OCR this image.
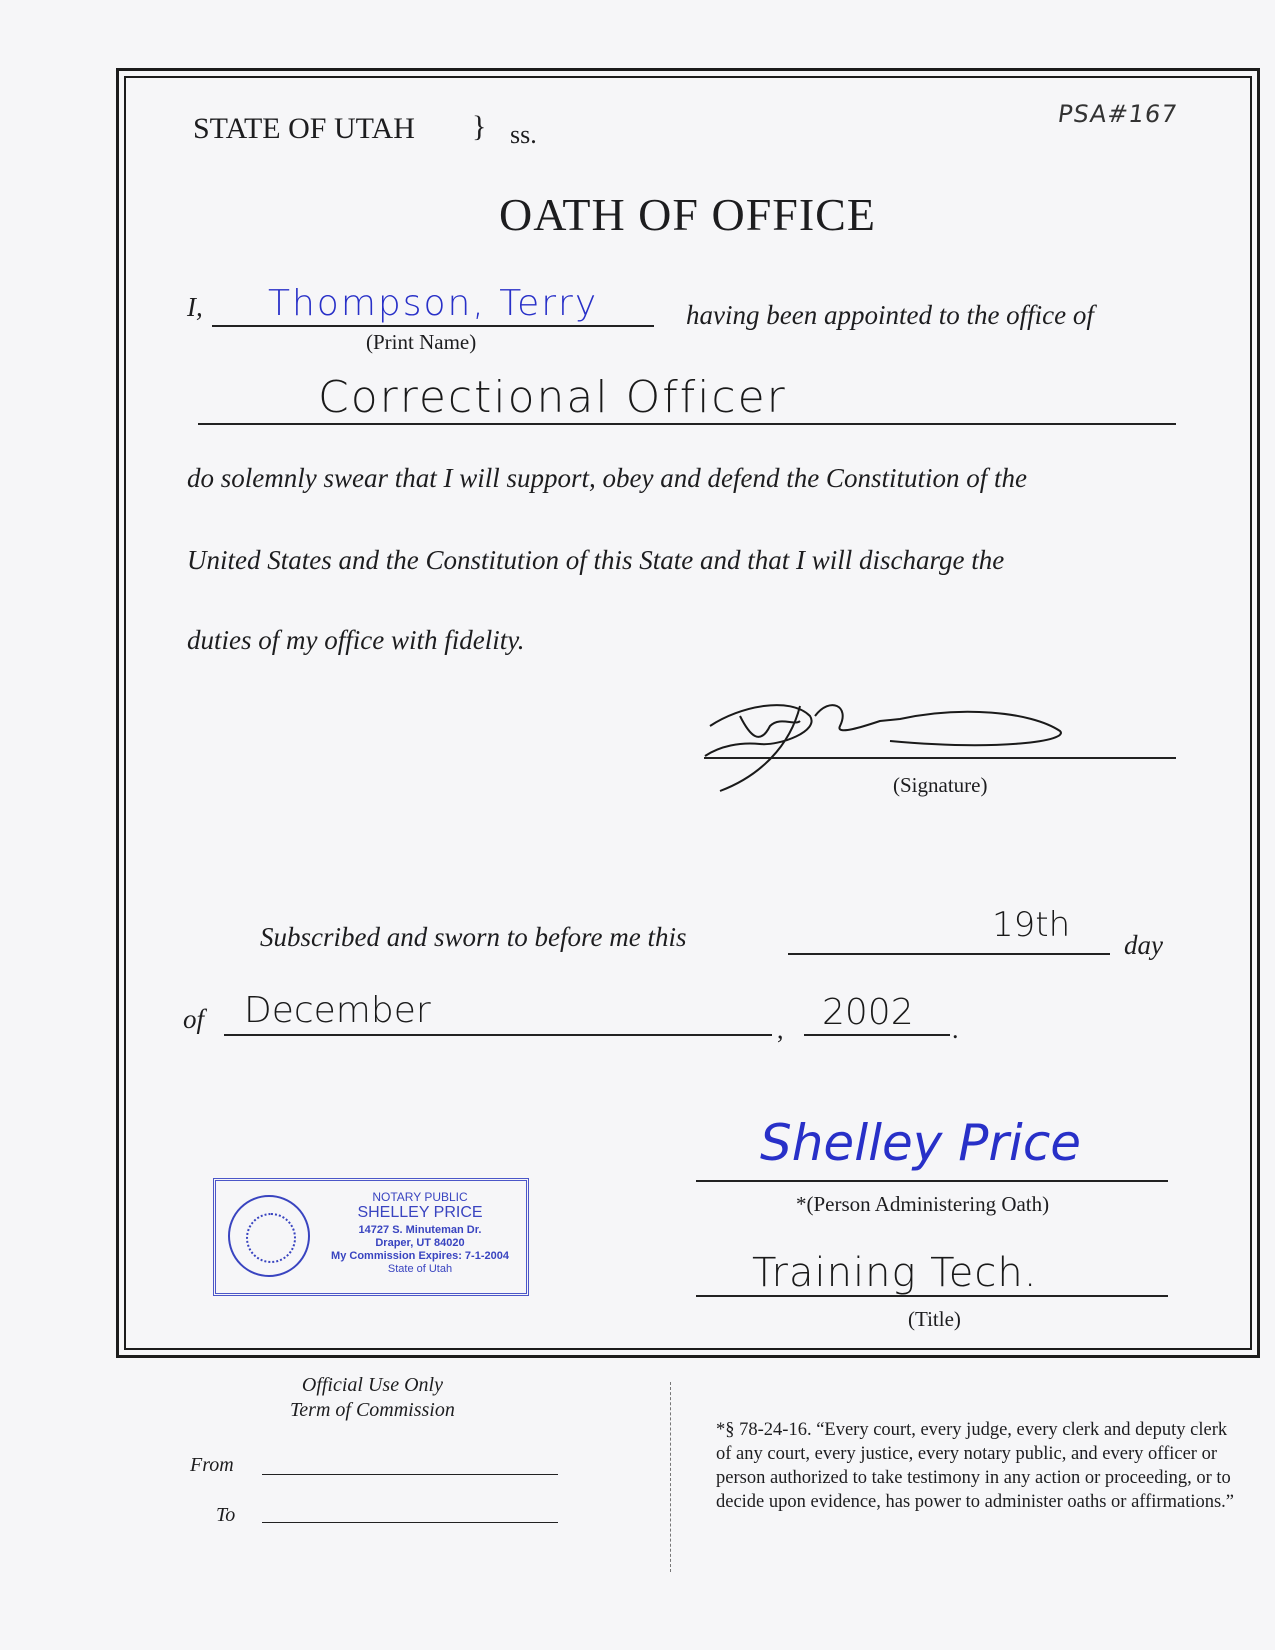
STATE OF UTAH } ss.
PSA#167
OATH OF OFFICE
I, Thompson, Terry
(Print Name)
having been appointed to the office of
Correctional Officer
do solemnly swear that I will support, obey and defend the Constitution of the
United States and the Constitution of this State and that I will discharge the
duties of my office with fidelity.
(Signature)
Subscribed and sworn to before me this	19th day
of December	, 2002 .
Shelley Price
*(Person Administering Oath)
Training Tech.
(Title)
NOTARY PUBLIC
SHELLEY PRICE
14727 S. Minuteman Dr.
Draper, UT 84020
My Commission Expires: 7-1-2004
State of Utah
Official Use Only
Term of Commission
From
To
*§ 78-24-16. “Every court, every judge, every clerk and deputy clerk of any court, every justice, every notary public, and every officer or person authorized to take testimony in any action or proceeding, or to decide upon evidence, has power to administer oaths or affirmations.”
